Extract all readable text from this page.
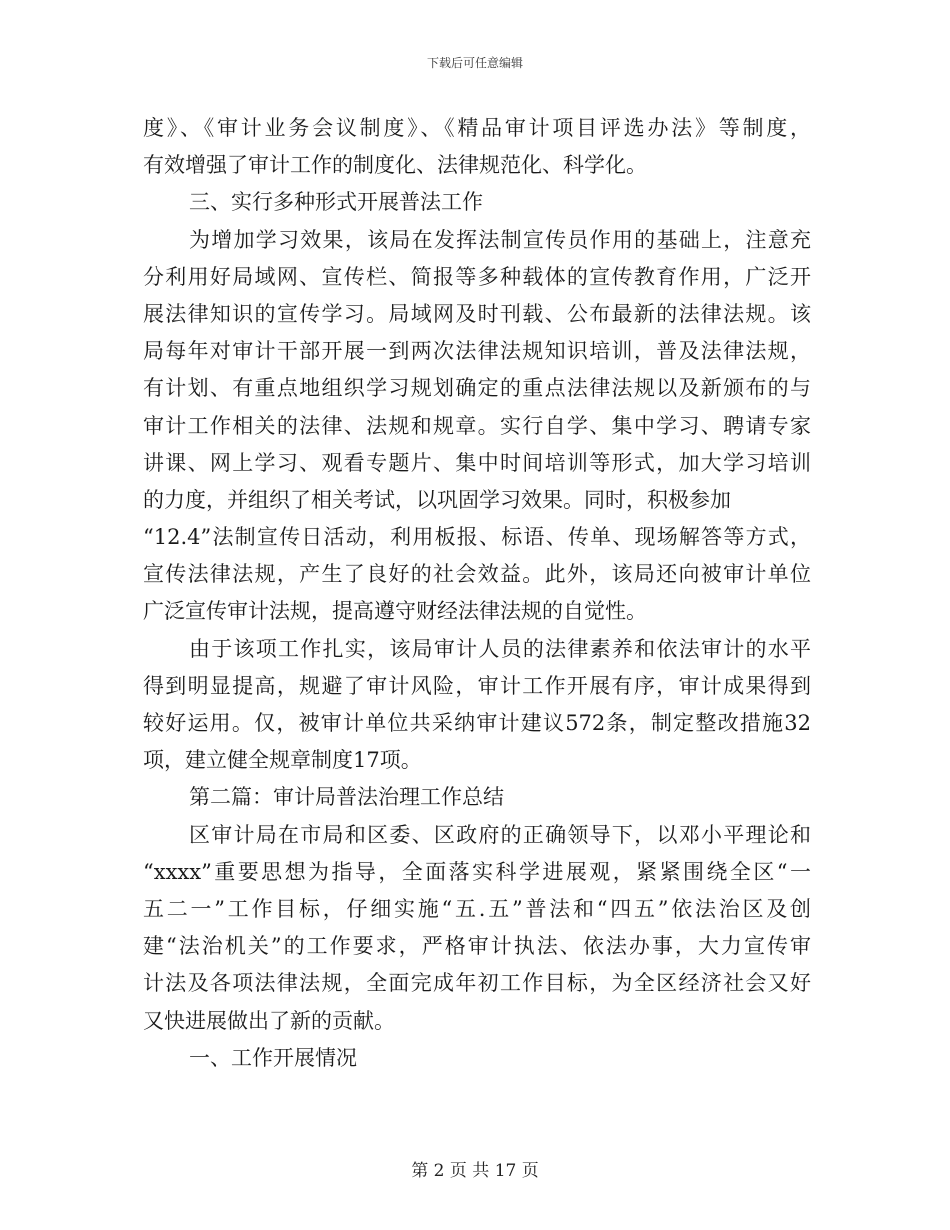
下载后可任意编辑
度》、《审计业务会议制度》、《精品审计项目评选办法》等制度，
有效增强了审计工作的制度化、法律规范化、科学化。
三、实行多种形式开展普法工作
为增加学习效果，该局在发挥法制宣传员作用的基础上，注意充
分利用好局域网、宣传栏、简报等多种载体的宣传教育作用，广泛开
展法律知识的宣传学习。局域网及时刊载、公布最新的法律法规。该
局每年对审计干部开展一到两次法律法规知识培训，普及法律法规，
有计划、有重点地组织学习规划确定的重点法律法规以及新颁布的与
审计工作相关的法律、法规和规章。实行自学、集中学习、聘请专家
讲课、网上学习、观看专题片、集中时间培训等形式，加大学习培训
的力度，并组织了相关考试，以巩固学习效果。同时，积极参加
“12.4”法制宣传日活动，利用板报、标语、传单、现场解答等方式，
宣传法律法规，产生了良好的社会效益。此外，该局还向被审计单位
广泛宣传审计法规，提高遵守财经法律法规的自觉性。
由于该项工作扎实，该局审计人员的法律素养和依法审计的水平
得到明显提高，规避了审计风险，审计工作开展有序，审计成果得到
较好运用。仅，被审计单位共采纳审计建议572条，制定整改措施32
项，建立健全规章制度17项。
第二篇：审计局普法治理工作总结
区审计局在市局和区委、区政府的正确领导下，以邓小平理论和
“xxxx”重要思想为指导，全面落实科学进展观，紧紧围绕全区“一
五二一”工作目标，仔细实施“五.五”普法和“四五”依法治区及创
建“法治机关”的工作要求，严格审计执法、依法办事，大力宣传审
计法及各项法律法规，全面完成年初工作目标，为全区经济社会又好
又快进展做出了新的贡献。
一、工作开展情况
第 2 页 共 17 页
